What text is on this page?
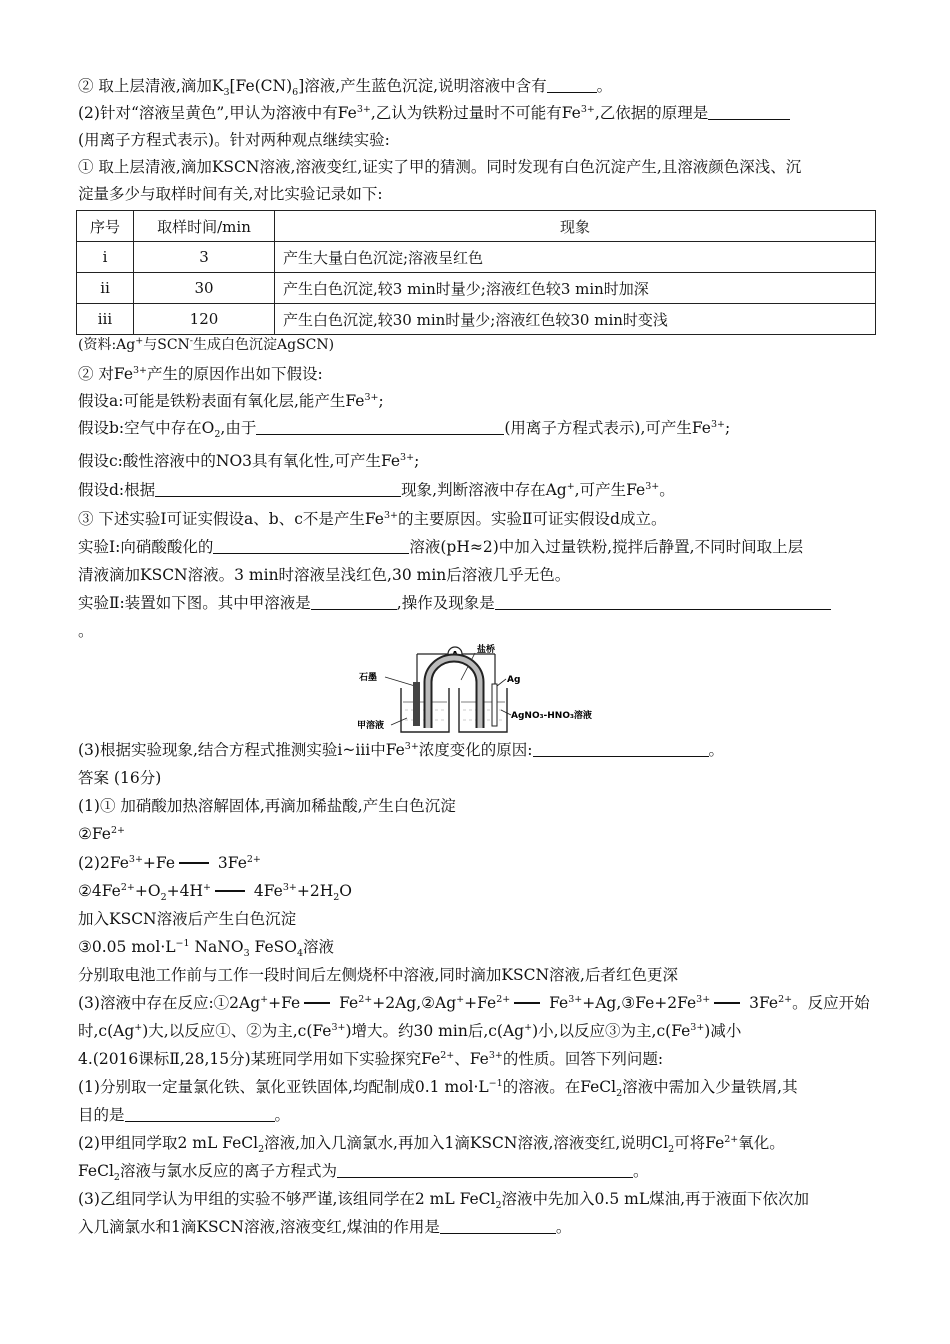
② 取上层清液,滴加$K_3[Fe(CN)_6]$溶液,产生蓝色沉淀,说明溶液中含有	。
(2)针对“溶液呈黄色”,甲认为溶液中有$Fe^{3+}$,乙认为铁粉过量时不可能有$Fe^{3+}$,乙依据的原理是
(用离子方程式表示)。针对两种观点继续实验:
① 取上层清液,滴加KSCN溶液,溶液变红,证实了甲的猜测。同时发现有白色沉淀产生,且溶液颜色深浅、沉
淀量多少与取样时间有关,对比实验记录如下:
序号	取样时间/min	现象
ⅰ	3	产生大量白色沉淀;溶液呈红色
ⅱ	30	产生白色沉淀,较3 min时量少;溶液红色较3 min时加深
ⅲ	120	产生白色沉淀,较30 min时量少;溶液红色较30 min时变浅
(资料:Ag+与SCN-生成白色沉淀AgSCN)
② 对$Fe^{3+}$产生的原因作出如下假设:
假设a:可能是铁粉表面有氧化层,能产生$Fe^{3+}$;
假设b:空气中存在$O_2$,由于	(用离子方程式表示),可产生$Fe^{3+}$;
假设c:酸性溶液中的NO3具有氧化性,可产生$Fe^{3+}$;
假设d:根据	现象,判断溶液中存在Ag+,可产生$Fe^{3+}$。
③ 下述实验Ⅰ可证实假设a、b、c不是产生$Fe^{3+}$的主要原因。实验Ⅱ可证实假设d成立。
实验Ⅰ:向硝酸酸化的	溶液(pH≈2)中加入过量铁粉,搅拌后静置,不同时间取上层
清液滴加KSCN溶液。3 min时溶液呈浅红色,30 min后溶液几乎无色。
实验Ⅱ:装置如下图。其中甲溶液是	,操作及现象是
。
A
盐桥
石墨	Ag
甲溶液
AgNO₃-HNO₃溶液
(3)根据实验现象,结合方程式推测实验ⅰ~ⅲ中$Fe^{3+}$浓度变化的原因:	。
答案 (16分)
(1)① 加硝酸加热溶解固体,再滴加稀盐酸,产生白色沉淀
$②Fe^{2+}$
$(2)2Fe^{3+}+Fe$ $3Fe^{2+}$
$②4Fe^{2+}+O_2+4H^+$ $4Fe^{3+}+2H_2O$
加入KSCN溶液后产生白色沉淀
③0.05 $mol\cdot L^{-1}$ NaNO$_3$ FeSO$_4$溶液
分别取电池工作前与工作一段时间后左侧烧杯中溶液,同时滴加KSCN溶液,后者红色更深
(3)溶液中存在反应:①2Ag++Fe $Fe^{2+}+2Ag,②Ag^++Fe^{2+}$ $Fe^{3+}+Ag,③Fe+2Fe^{3+}$ $3Fe^{2+}$。反应开始
时,c(Ag+)大,以反应①、②为主$,c(Fe^{3+})$增大。约30 min后,c(Ag+)小,以反应③为主$,c(Fe^{3+})$减小
4.(2016课标Ⅱ,28,15分)某班同学用如下实验探究$Fe^{2+}$、$Fe^{3+}$的性质。回答下列问题:
(1)分别取一定量氯化铁、氯化亚铁固体,均配制成0.1 $mol\cdot L^{-1}$的溶液。在FeCl$_2$溶液中需加入少量铁屑,其
目的是	。
(2)甲组同学取2 mL FeCl$_2$溶液,加入几滴氯水,再加入1滴KSCN溶液,溶液变红,说明$Cl_2$可将$Fe^{2+}$氧化。
FeCl$_2$溶液与氯水反应的离子方程式为	。
(3)乙组同学认为甲组的实验不够严谨,该组同学在2 mL FeCl$_2$溶液中先加入0.5 mL煤油,再于液面下依次加
入几滴氯水和1滴KSCN溶液,溶液变红,煤油的作用是	。
